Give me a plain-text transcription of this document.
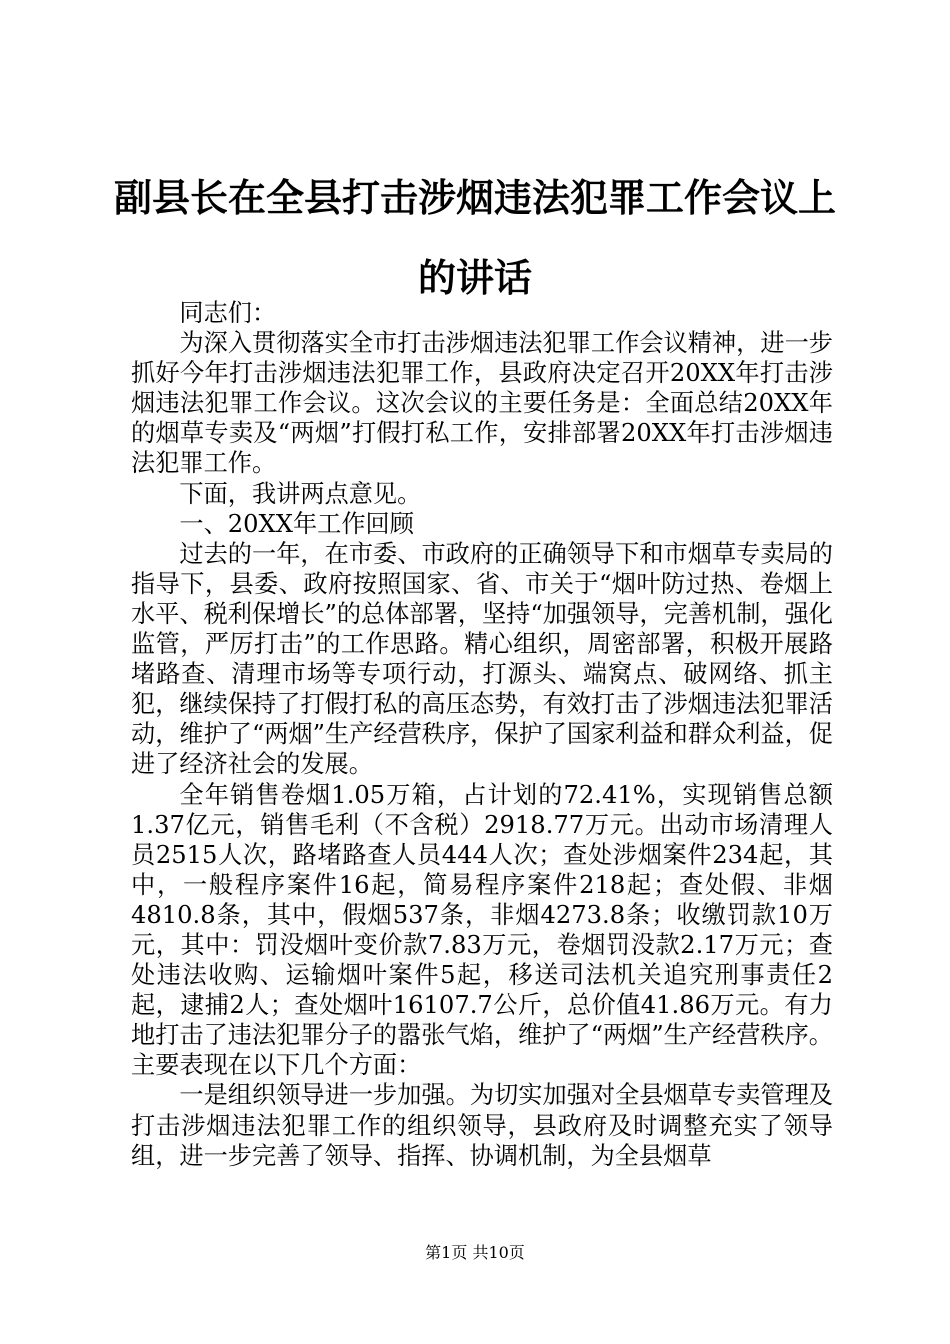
副县长在全县打击涉烟违法犯罪工作会议上的讲话

同志们：

为深入贯彻落实全市打击涉烟违法犯罪工作会议精神，进一步抓好今年打击涉烟违法犯罪工作，县政府决定召开20XX年打击涉烟违法犯罪工作会议。这次会议的主要任务是：全面总结20XX年的烟草专卖及“两烟”打假打私工作，安排部署20XX年打击涉烟违法犯罪工作。

下面，我讲两点意见。

一、20XX年工作回顾

过去的一年，在市委、市政府的正确领导下和市烟草专卖局的指导下，县委、政府按照国家、省、市关于“烟叶防过热、卷烟上水平、税利保增长”的总体部署，坚持“加强领导，完善机制，强化监管，严厉打击”的工作思路。精心组织，周密部署，积极开展路堵路查、清理市场等专项行动，打源头、端窝点、破网络、抓主犯，继续保持了打假打私的高压态势，有效打击了涉烟违法犯罪活动，维护了“两烟”生产经营秩序，保护了国家利益和群众利益，促进了经济社会的发展。

全年销售卷烟1.05万箱，占计划的72.41%，实现销售总额1.37亿元，销售毛利（不含税）2918.77万元。出动市场清理人员2515人次，路堵路查人员444人次；查处涉烟案件234起，其中，一般程序案件16起，简易程序案件218起；查处假、非烟4810.8条，其中，假烟537条，非烟4273.8条；收缴罚款10万元，其中：罚没烟叶变价款7.83万元，卷烟罚没款2.17万元；查处违法收购、运输烟叶案件5起，移送司法机关追究刑事责任2起，逮捕2人；查处烟叶16107.7公斤，总价值41.86万元。有力地打击了违法犯罪分子的嚣张气焰，维护了“两烟”生产经营秩序。主要表现在以下几个方面：

一是组织领导进一步加强。为切实加强对全县烟草专卖管理及打击涉烟违法犯罪工作的组织领导，县政府及时调整充实了领导组，进一步完善了领导、指挥、协调机制，为全县烟草

第1页 共10页
